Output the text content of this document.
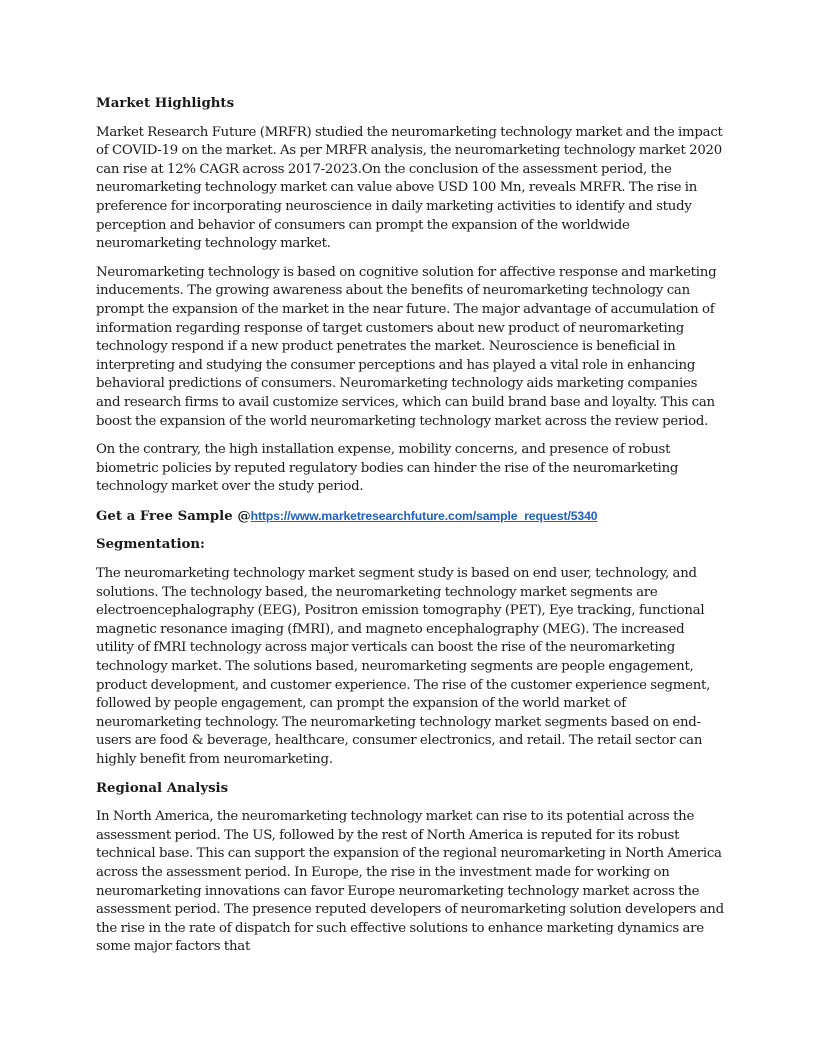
Market Highlights

Market Research Future (MRFR) studied the neuromarketing technology market and the impact of COVID-19 on the market. As per MRFR analysis, the neuromarketing technology market 2020 can rise at 12% CAGR across 2017-2023.On the conclusion of the assessment period, the neuromarketing technology market can value above USD 100 Mn, reveals MRFR. The rise in preference for incorporating neuroscience in daily marketing activities to identify and study perception and behavior of consumers can prompt the expansion of the worldwide neuromarketing technology market.

Neuromarketing technology is based on cognitive solution for affective response and marketing inducements. The growing awareness about the benefits of neuromarketing technology can prompt the expansion of the market in the near future. The major advantage of accumulation of information regarding response of target customers about new product of neuromarketing technology respond if a new product penetrates the market. Neuroscience is beneficial in interpreting and studying the consumer perceptions and has played a vital role in enhancing behavioral predictions of consumers. Neuromarketing technology aids marketing companies and research firms to avail customize services, which can build brand base and loyalty. This can boost the expansion of the world neuromarketing technology market across the review period.

On the contrary, the high installation expense, mobility concerns, and presence of robust biometric policies by reputed regulatory bodies can hinder the rise of the neuromarketing technology market over the study period.

Get a Free Sample @https://www.marketresearchfuture.com/sample_request/5340
Segmentation:

The neuromarketing technology market segment study is based on end user, technology, and solutions. The technology based, the neuromarketing technology market segments are electroencephalography (EEG), Positron emission tomography (PET), Eye tracking, functional magnetic resonance imaging (fMRI), and magneto encephalography (MEG). The increased utility of fMRI technology across major verticals can boost the rise of the neuromarketing technology market. The solutions based, neuromarketing segments are people engagement, product development, and customer experience. The rise of the customer experience segment, followed by people engagement, can prompt the expansion of the world market of neuromarketing technology. The neuromarketing technology market segments based on end-users are food & beverage, healthcare, consumer electronics, and retail. The retail sector can highly benefit from neuromarketing.

Regional Analysis

In North America, the neuromarketing technology market can rise to its potential across the assessment period. The US, followed by the rest of North America is reputed for its robust technical base. This can support the expansion of the regional neuromarketing in North America across the assessment period. In Europe, the rise in the investment made for working on neuromarketing innovations can favor Europe neuromarketing technology market across the assessment period. The presence reputed developers of neuromarketing solution developers and the rise in the rate of dispatch for such effective solutions to enhance marketing dynamics are some major factors that
